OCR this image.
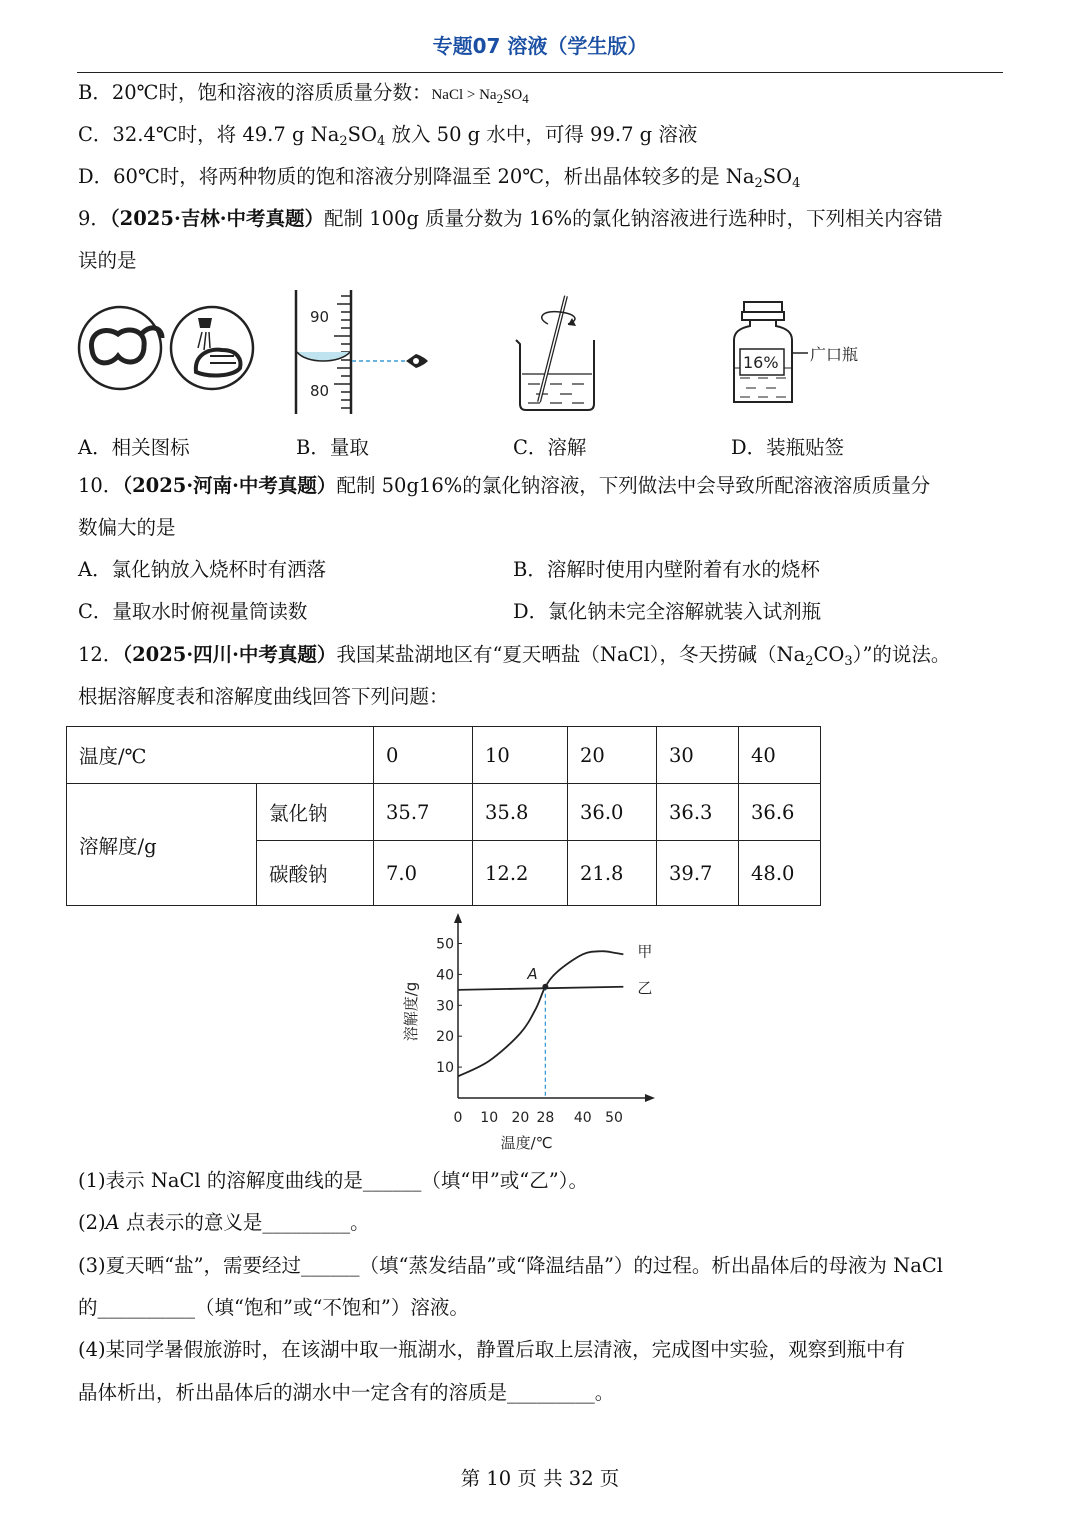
专题07 溶液（学生版）
B．20℃时，饱和溶液的溶质质量分数：NaCl > $Na_2SO_4$
C．32.4℃时，将 49.7 g $Na_2SO_4$ 放入 50 g 水中，可得 99.7 g 溶液
D．60℃时，将两种物质的饱和溶液分别降温至 20℃，析出晶体较多的是 $Na_2SO_4$
9．（2025·吉林·中考真题）配制 100g 质量分数为 16%的氯化钠溶液进行选种时，下列相关内容错
误的是
90
80
16% 广口瓶
A．相关图标	B．量取	C．溶解	D．装瓶贴签
10．（2025·河南·中考真题）配制 50g16%的氯化钠溶液，下列做法中会导致所配溶液溶质质量分
数偏大的是
A．氯化钠放入烧杯时有洒落	B．溶解时使用内壁附着有水的烧杯
C．量取水时俯视量筒读数	D．氯化钠未完全溶解就装入试剂瓶
12．（2025·四川·中考真题）我国某盐湖地区有“夏天晒盐（NaCl），冬天捞碱$(Na_2CO_3)$”的说法。
根据溶解度表和溶解度曲线回答下列问题：
温度/℃		0	10	20	30	40
溶解度/g	氯化钠	35.7	35.8	36.0	36.3	36.6
	碳酸钠	7.0	12.2	21.8	39.7	48.0
10
20
30
40
50
0 10 20 28 40 50
温度/℃
溶解度/g
甲
乙
A
(1)表示 NaCl 的溶解度曲线的是______（填“甲”或“乙”）。
(2)A 点表示的意义是_________。
(3)夏天晒“盐”，需要经过______（填“蒸发结晶”或“降温结晶”）的过程。析出晶体后的母液为 NaCl
的__________（填“饱和”或“不饱和”）溶液。
(4)某同学暑假旅游时，在该湖中取一瓶湖水，静置后取上层清液，完成图中实验，观察到瓶中有
晶体析出，析出晶体后的湖水中一定含有的溶质是_________。
第 10 页 共 32 页
